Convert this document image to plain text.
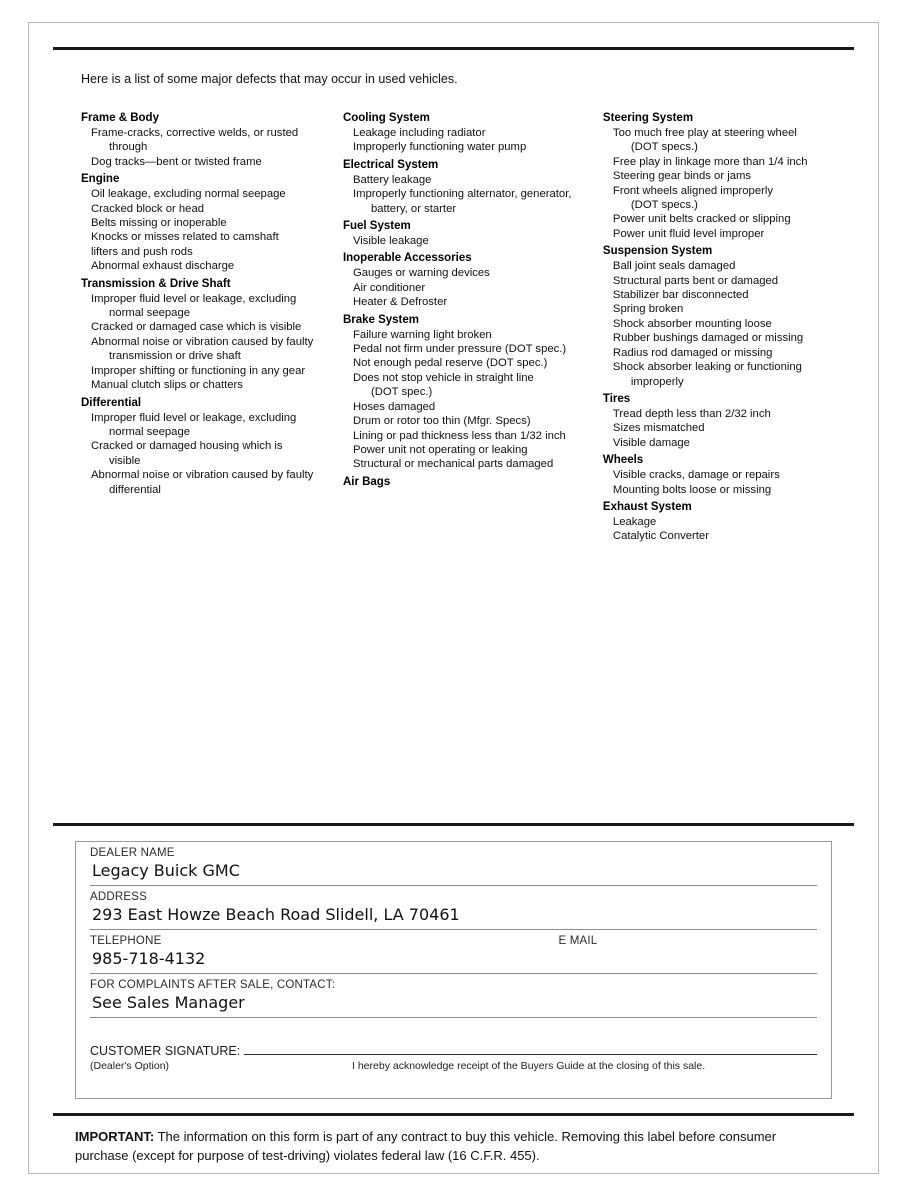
Here is a list of some major defects that may occur in used vehicles.
Frame & Body
Frame-cracks, corrective welds, or rusted
through
Dog tracks—bent or twisted frame
Engine
Oil leakage, excluding normal seepage
Cracked block or head
Belts missing or inoperable
Knocks or misses related to camshaft
lifters and push rods
Abnormal exhaust discharge
Transmission & Drive Shaft
Improper fluid level or leakage, excluding
normal seepage
Cracked or damaged case which is visible
Abnormal noise or vibration caused by faulty
transmission or drive shaft
Improper shifting or functioning in any gear
Manual clutch slips or chatters
Differential
Improper fluid level or leakage, excluding
normal seepage
Cracked or damaged housing which is
visible
Abnormal noise or vibration caused by faulty
differential
Cooling System
Leakage including radiator
Improperly functioning water pump
Electrical System
Battery leakage
Improperly functioning alternator, generator,
battery, or starter
Fuel System
Visible leakage
Inoperable Accessories
Gauges or warning devices
Air conditioner
Heater & Defroster
Brake System
Failure warning light broken
Pedal not firm under pressure (DOT spec.)
Not enough pedal reserve (DOT spec.)
Does not stop vehicle in straight line
(DOT spec.)
Hoses damaged
Drum or rotor too thin (Mfgr. Specs)
Lining or pad thickness less than 1/32 inch
Power unit not operating or leaking
Structural or mechanical parts damaged
Air Bags
Steering System
Too much free play at steering wheel
(DOT specs.)
Free play in linkage more than 1/4 inch
Steering gear binds or jams
Front wheels aligned improperly
(DOT specs.)
Power unit belts cracked or slipping
Power unit fluid level improper
Suspension System
Ball joint seals damaged
Structural parts bent or damaged
Stabilizer bar disconnected
Spring broken
Shock absorber mounting loose
Rubber bushings damaged or missing
Radius rod damaged or missing
Shock absorber leaking or functioning
improperly
Tires
Tread depth less than 2/32 inch
Sizes mismatched
Visible damage
Wheels
Visible cracks, damage or repairs
Mounting bolts loose or missing
Exhaust System
Leakage
Catalytic Converter
DEALER NAME
Legacy Buick GMC
ADDRESS
293 East Howze Beach Road Slidell, LA 70461
TELEPHONE	E MAIL
985-718-4132
FOR COMPLAINTS AFTER SALE, CONTACT:
See Sales Manager
CUSTOMER SIGNATURE:
(Dealer's Option)	I hereby acknowledge receipt of the Buyers Guide at the closing of this sale.
IMPORTANT: The information on this form is part of any contract to buy this vehicle. Removing this label before consumer purchase (except for purpose of test-driving) violates federal law (16 C.F.R. 455).
